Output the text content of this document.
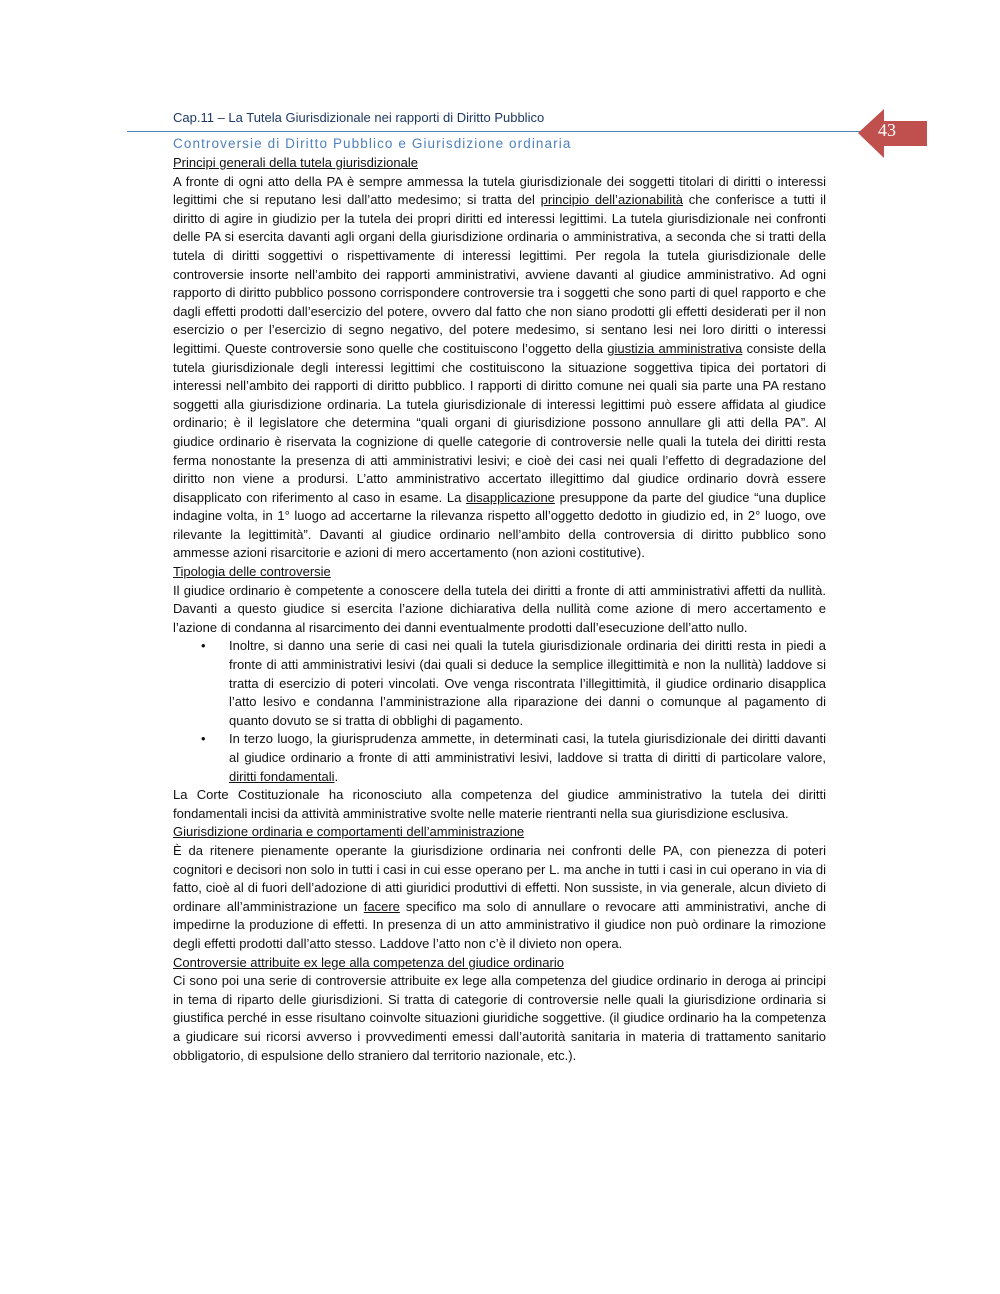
Cap.11 – La Tutela Giurisdizionale nei rapporti di Diritto Pubblico
43
Controversie di Diritto Pubblico e Giurisdizione ordinaria

Principi generali della tutela giurisdizionale

A fronte di ogni atto della PA è sempre ammessa la tutela giurisdizionale dei soggetti titolari di diritti o interessi legittimi che si reputano lesi dall’atto medesimo; si tratta del principio dell’azionabilità che conferisce a tutti il diritto di agire in giudizio per la tutela dei propri diritti ed interessi legittimi. La tutela giurisdizionale nei confronti delle PA si esercita davanti agli organi della giurisdizione ordinaria o amministrativa, a seconda che si tratti della tutela di diritti soggettivi o rispettivamente di interessi legittimi. Per regola la tutela giurisdizionale delle controversie insorte nell’ambito dei rapporti amministrativi, avviene davanti al giudice amministrativo. Ad ogni rapporto di diritto pubblico possono corrispondere controversie tra i soggetti che sono parti di quel rapporto e che dagli effetti prodotti dall’esercizio del potere, ovvero dal fatto che non siano prodotti gli effetti desiderati per il non esercizio o per l’esercizio di segno negativo, del potere medesimo, si sentano lesi nei loro diritti o interessi legittimi. Queste controversie sono quelle che costituiscono l’oggetto della giustizia amministrativa consiste della tutela giurisdizionale degli interessi legittimi che costituiscono la situazione soggettiva tipica dei portatori di interessi nell’ambito dei rapporti di diritto pubblico. I rapporti di diritto comune nei quali sia parte una PA restano soggetti alla giurisdizione ordinaria. La tutela giurisdizionale di interessi legittimi può essere affidata al giudice ordinario; è il legislatore che determina “quali organi di giurisdizione possono annullare gli atti della PA”. Al giudice ordinario è riservata la cognizione di quelle categorie di controversie nelle quali la tutela dei diritti resta ferma nonostante la presenza di atti amministrativi lesivi; e cioè dei casi nei quali l’effetto di degradazione del diritto non viene a prodursi. L’atto amministrativo accertato illegittimo dal giudice ordinario dovrà essere disapplicato con riferimento al caso in esame. La disapplicazione presuppone da parte del giudice “una duplice indagine volta, in 1° luogo ad accertarne la rilevanza rispetto all’oggetto dedotto in giudizio ed, in 2° luogo, ove rilevante la legittimità”. Davanti al giudice ordinario nell’ambito della controversia di diritto pubblico sono ammesse azioni risarcitorie e azioni di mero accertamento (non azioni costitutive).

Tipologia delle controversie

Il giudice ordinario è competente a conoscere della tutela dei diritti a fronte di atti amministrativi affetti da nullità. Davanti a questo giudice si esercita l’azione dichiarativa della nullità come azione di mero accertamento e l’azione di condanna al risarcimento dei danni eventualmente prodotti dall’esecuzione dell’atto nullo.

• Inoltre, si danno una serie di casi nei quali la tutela giurisdizionale ordinaria dei diritti resta in piedi a fronte di atti amministrativi lesivi (dai quali si deduce la semplice illegittimità e non la nullità) laddove si tratta di esercizio di poteri vincolati. Ove venga riscontrata l’illegittimità, il giudice ordinario disapplica l’atto lesivo e condanna l’amministrazione alla riparazione dei danni o comunque al pagamento di quanto dovuto se si tratta di obblighi di pagamento.
• In terzo luogo, la giurisprudenza ammette, in determinati casi, la tutela giurisdizionale dei diritti davanti al giudice ordinario a fronte di atti amministrativi lesivi, laddove si tratta di diritti di particolare valore, diritti fondamentali.

La Corte Costituzionale ha riconosciuto alla competenza del giudice amministrativo la tutela dei diritti fondamentali incisi da attività amministrative svolte nelle materie rientranti nella sua giurisdizione esclusiva.

Giurisdizione ordinaria e comportamenti dell’amministrazione

È da ritenere pienamente operante la giurisdizione ordinaria nei confronti delle PA, con pienezza di poteri cognitori e decisori non solo in tutti i casi in cui esse operano per L. ma anche in tutti i casi in cui operano in via di fatto, cioè al di fuori dell’adozione di atti giuridici produttivi di effetti. Non sussiste, in via generale, alcun divieto di ordinare all’amministrazione un facere specifico ma solo di annullare o revocare atti amministrativi, anche di impedirne la produzione di effetti. In presenza di un atto amministrativo il giudice non può ordinare la rimozione degli effetti prodotti dall’atto stesso. Laddove l’atto non c’è il divieto non opera.

Controversie attribuite ex lege alla competenza del giudice ordinario

Ci sono poi una serie di controversie attribuite ex lege alla competenza del giudice ordinario in deroga ai principi in tema di riparto delle giurisdizioni. Si tratta di categorie di controversie nelle quali la giurisdizione ordinaria si giustifica perché in esse risultano coinvolte situazioni giuridiche soggettive. (il giudice ordinario ha la competenza a giudicare sui ricorsi avverso i provvedimenti emessi dall’autorità sanitaria in materia di trattamento sanitario obbligatorio, di espulsione dello straniero dal territorio nazionale, etc.).
